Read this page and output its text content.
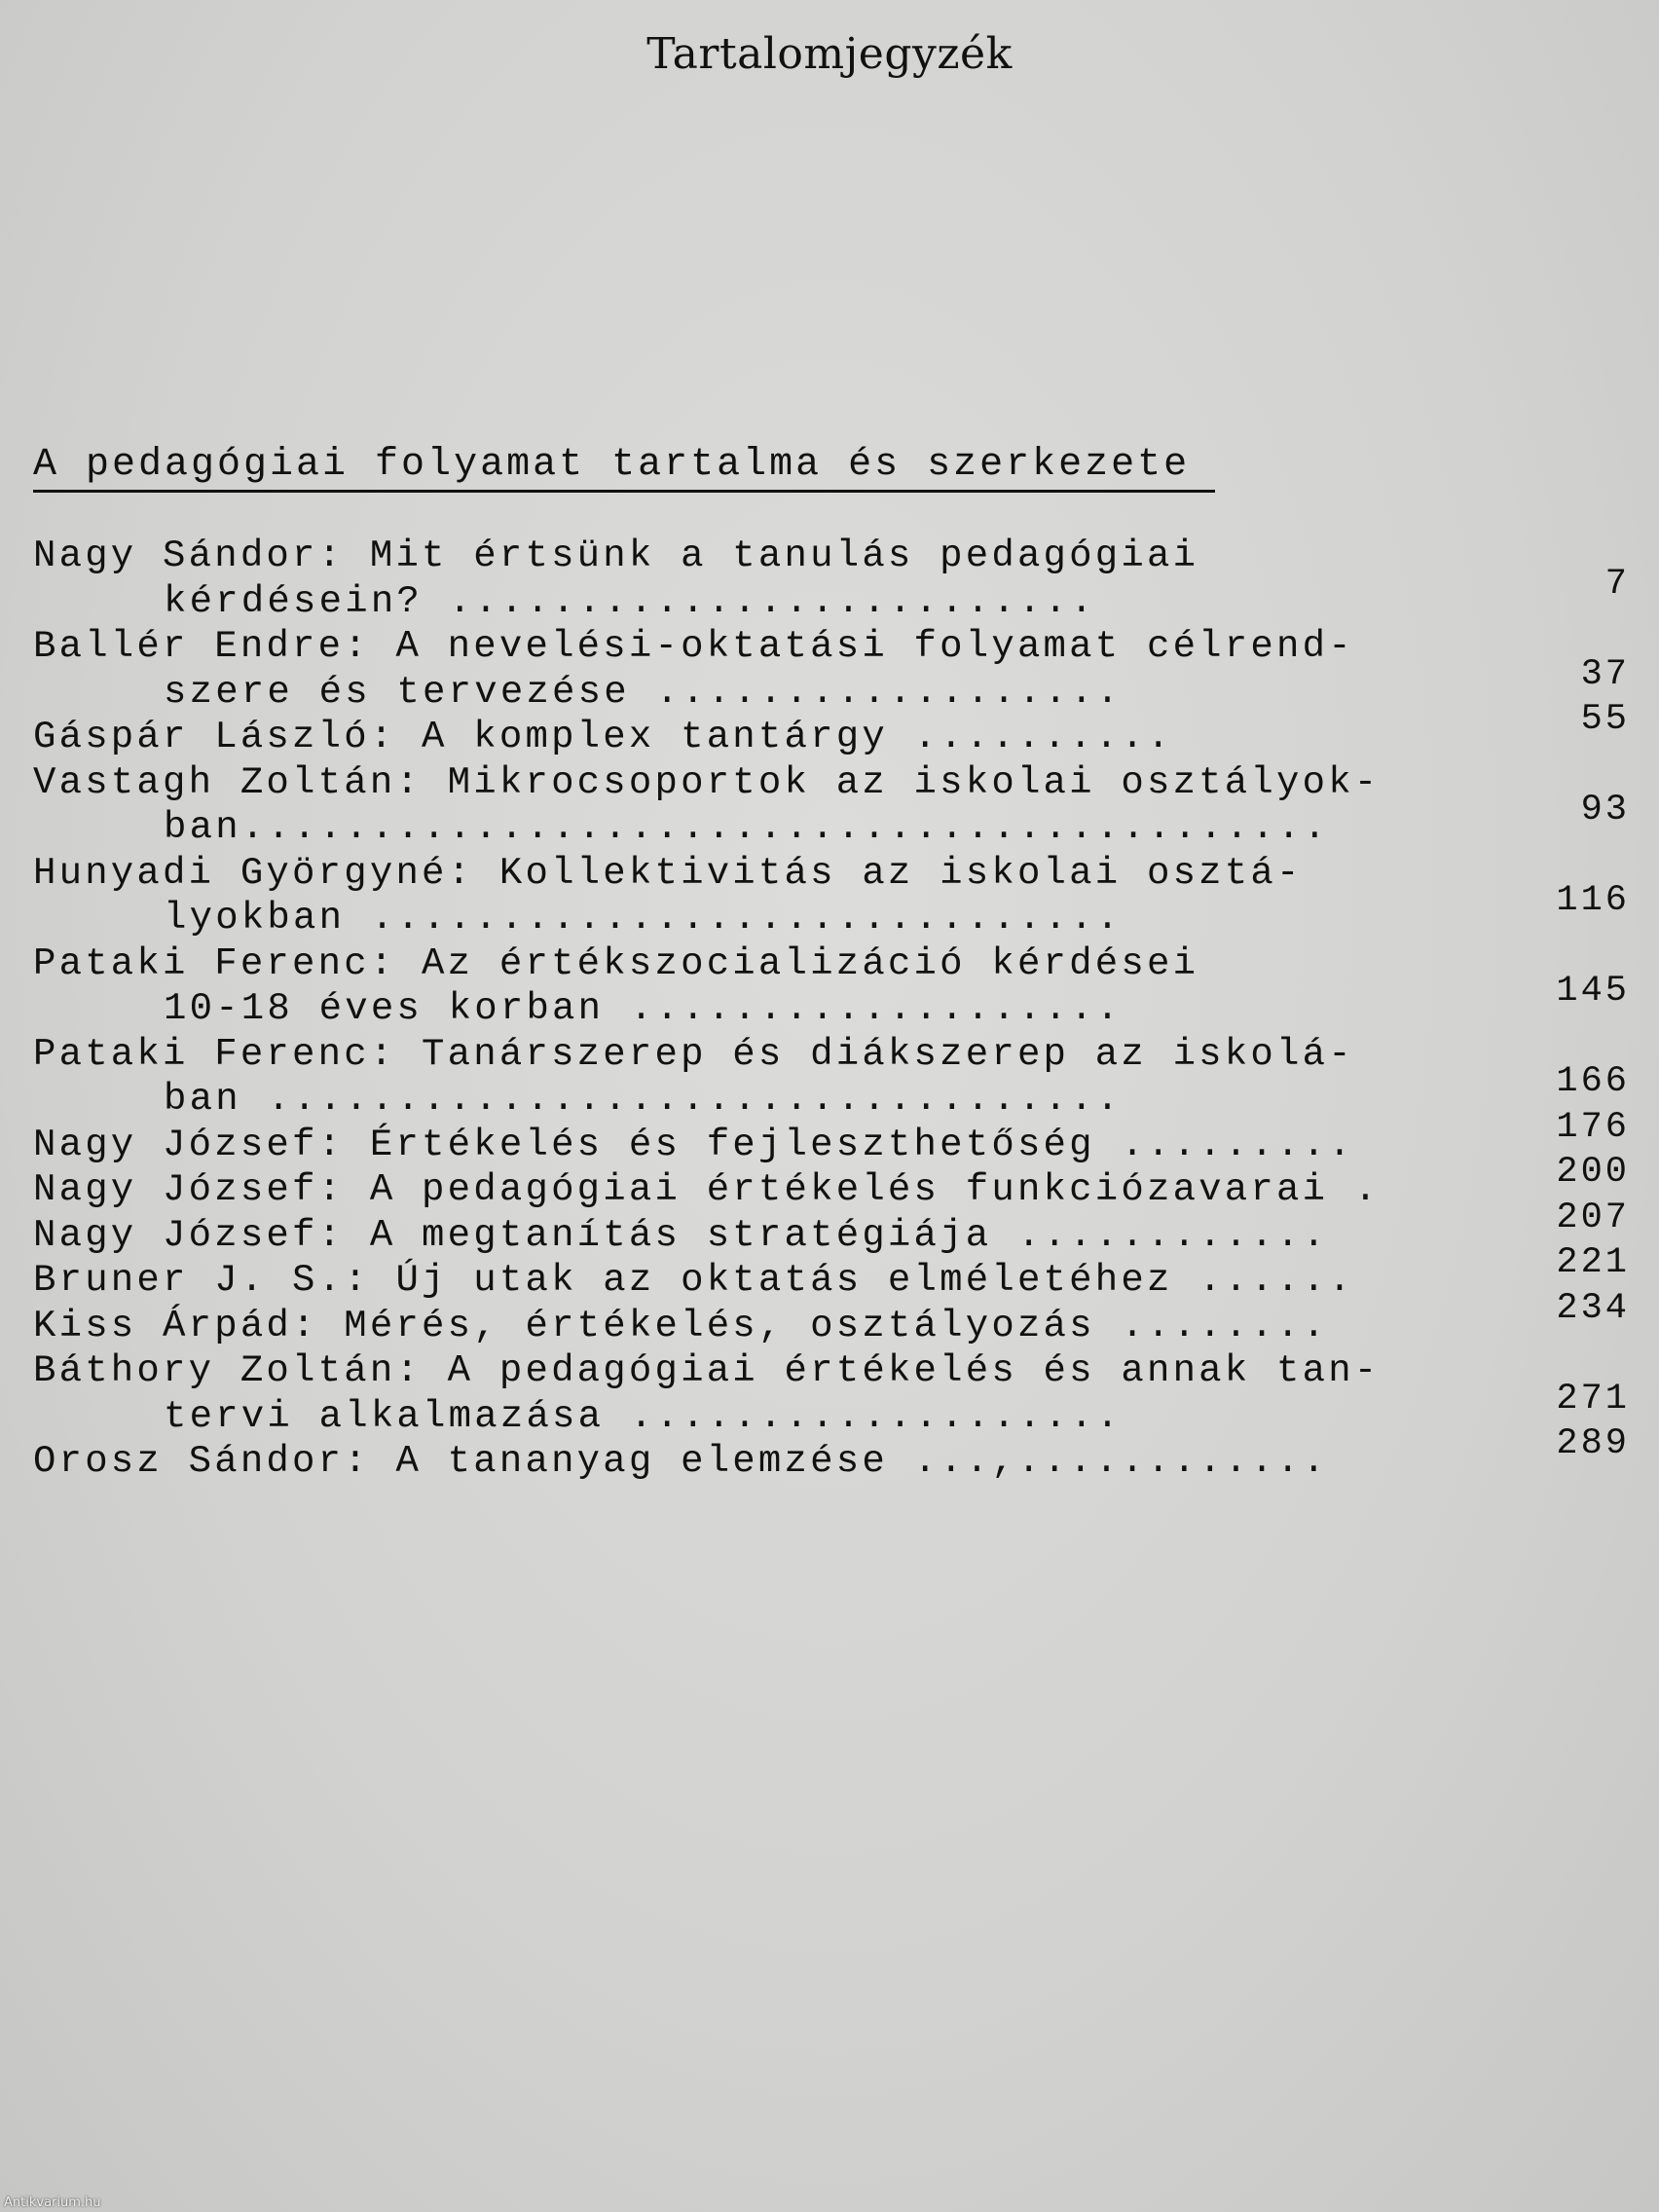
Tartalomjegyzék
A pedagógiai folyamat tartalma és szerkezete
Nagy Sándor: Mit értsünk a tanulás pedagógiai
kérdésein? .........................	7
Ballér Endre: A nevelési-oktatási folyamat célrend-
szere és tervezése ..................	37
Gáspár László: A komplex tantárgy ..........	55
Vastagh Zoltán: Mikrocsoportok az iskolai osztályok-
ban..........................................	93
Hunyadi Györgyné: Kollektivitás az iskolai osztá-
lyokban .............................	116
Pataki Ferenc: Az értékszocializáció kérdései
10-18 éves korban ...................	145
Pataki Ferenc: Tanárszerep és diákszerep az iskolá-
ban .................................	166
Nagy József: Értékelés és fejleszthetőség .........	176
Nagy József: A pedagógiai értékelés funkciózavarai .	200
Nagy József: A megtanítás stratégiája ............	207
Bruner J. S.: Új utak az oktatás elméletéhez ......	221
Kiss Árpád: Mérés, értékelés, osztályozás ........	234
Báthory Zoltán: A pedagógiai értékelés és annak tan-
tervi alkalmazása ...................	271
Orosz Sándor: A tananyag elemzése ...,............	289
Antikvarium.hu
